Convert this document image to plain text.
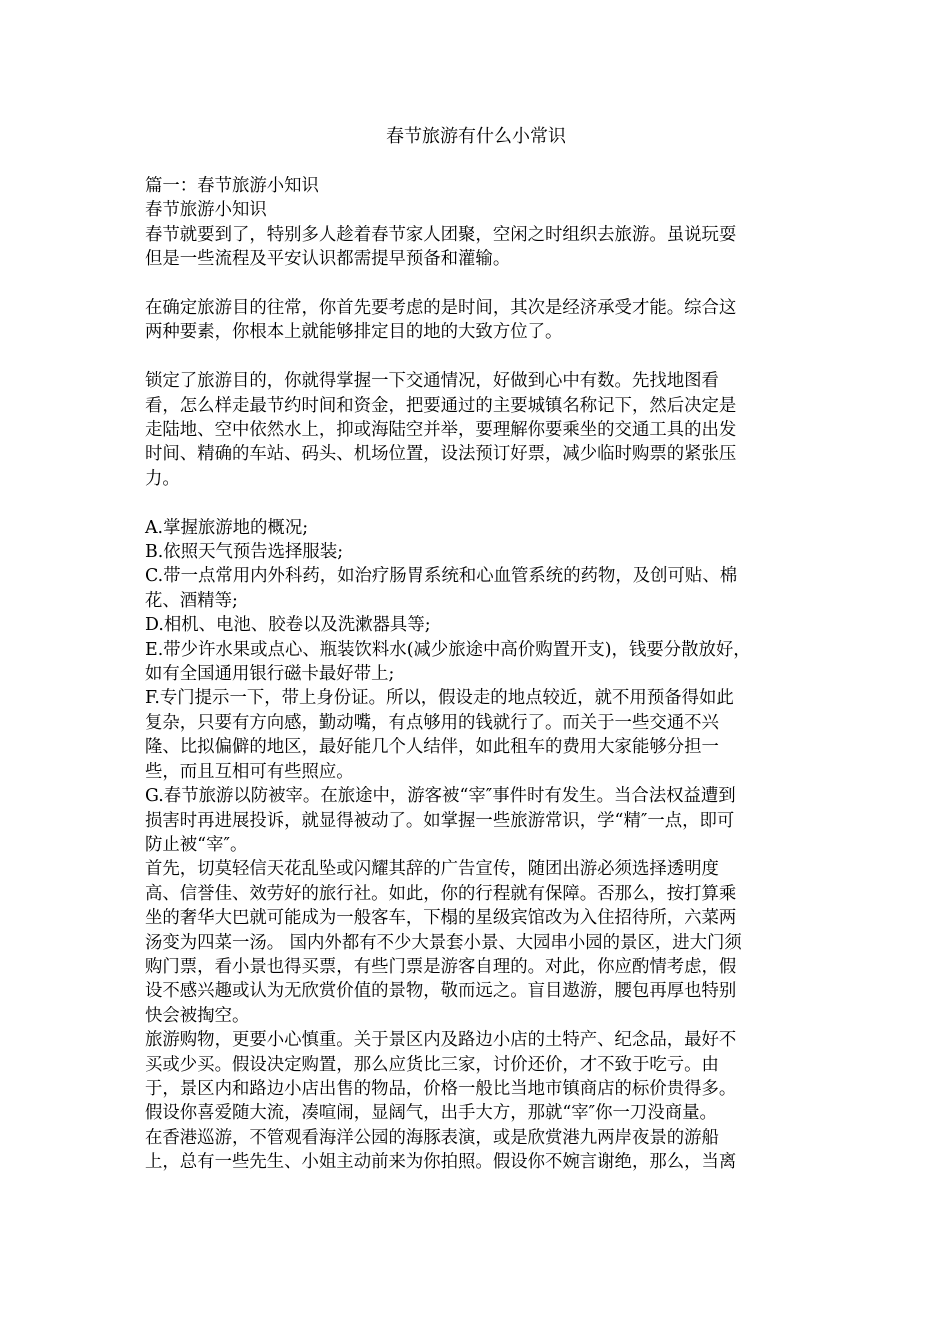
春节旅游有什么小常识
篇一：春节旅游小知识
春节旅游小知识
春节就要到了，特别多人趁着春节家人团聚，空闲之时组织去旅游。虽说玩耍
但是一些流程及平安认识都需提早预备和灌输。
在确定旅游目的往常，你首先要考虑的是时间，其次是经济承受才能。综合这
两种要素，你根本上就能够排定目的地的大致方位了。
锁定了旅游目的，你就得掌握一下交通情况，好做到心中有数。先找地图看
看，怎么样走最节约时间和资金，把要通过的主要城镇名称记下，然后决定是
走陆地、空中依然水上，抑或海陆空并举，要理解你要乘坐的交通工具的出发
时间、精确的车站、码头、机场位置，设法预订好票，减少临时购票的紧张压
力。
A.掌握旅游地的概况;
B.依照天气预告选择服装;
C.带一点常用内外科药，如治疗肠胃系统和心血管系统的药物，及创可贴、棉
花、酒精等;
D.相机、电池、胶卷以及洗漱器具等;
E.带少许水果或点心、瓶装饮料水(减少旅途中高价购置开支)，钱要分散放好，
如有全国通用银行磁卡最好带上;
F.专门提示一下，带上身份证。所以，假设走的地点较近，就不用预备得如此
复杂，只要有方向感，勤动嘴，有点够用的钱就行了。而关于一些交通不兴
隆、比拟偏僻的地区，最好能几个人结伴，如此租车的费用大家能够分担一
些，而且互相可有些照应。
G.春节旅游以防被宰。在旅途中，游客被“宰″事件时有发生。当合法权益遭到
损害时再进展投诉，就显得被动了。如掌握一些旅游常识，学“精″一点，即可
防止被“宰″。
首先，切莫轻信天花乱坠或闪耀其辞的广告宣传，随团出游必须选择透明度
高、信誉佳、效劳好的旅行社。如此，你的行程就有保障。否那么，按打算乘
坐的奢华大巴就可能成为一般客车，下榻的星级宾馆改为入住招待所，六菜两
汤变为四菜一汤。 国内外都有不少大景套小景、大园串小园的景区，进大门须
购门票，看小景也得买票，有些门票是游客自理的。对此，你应酌情考虑，假
设不感兴趣或认为无欣赏价值的景物，敬而远之。盲目遨游，腰包再厚也特别
快会被掏空。
旅游购物，更要小心慎重。关于景区内及路边小店的土特产、纪念品，最好不
买或少买。假设决定购置，那么应货比三家，讨价还价，才不致于吃亏。由
于，景区内和路边小店出售的物品，价格一般比当地市镇商店的标价贵得多。
假设你喜爱随大流，凑喧闹，显阔气，出手大方，那就“宰″你一刀没商量。
在香港巡游，不管观看海洋公园的海豚表演，或是欣赏港九两岸夜景的游船
上，总有一些先生、小姐主动前来为你拍照。假设你不婉言谢绝，那么，当离
